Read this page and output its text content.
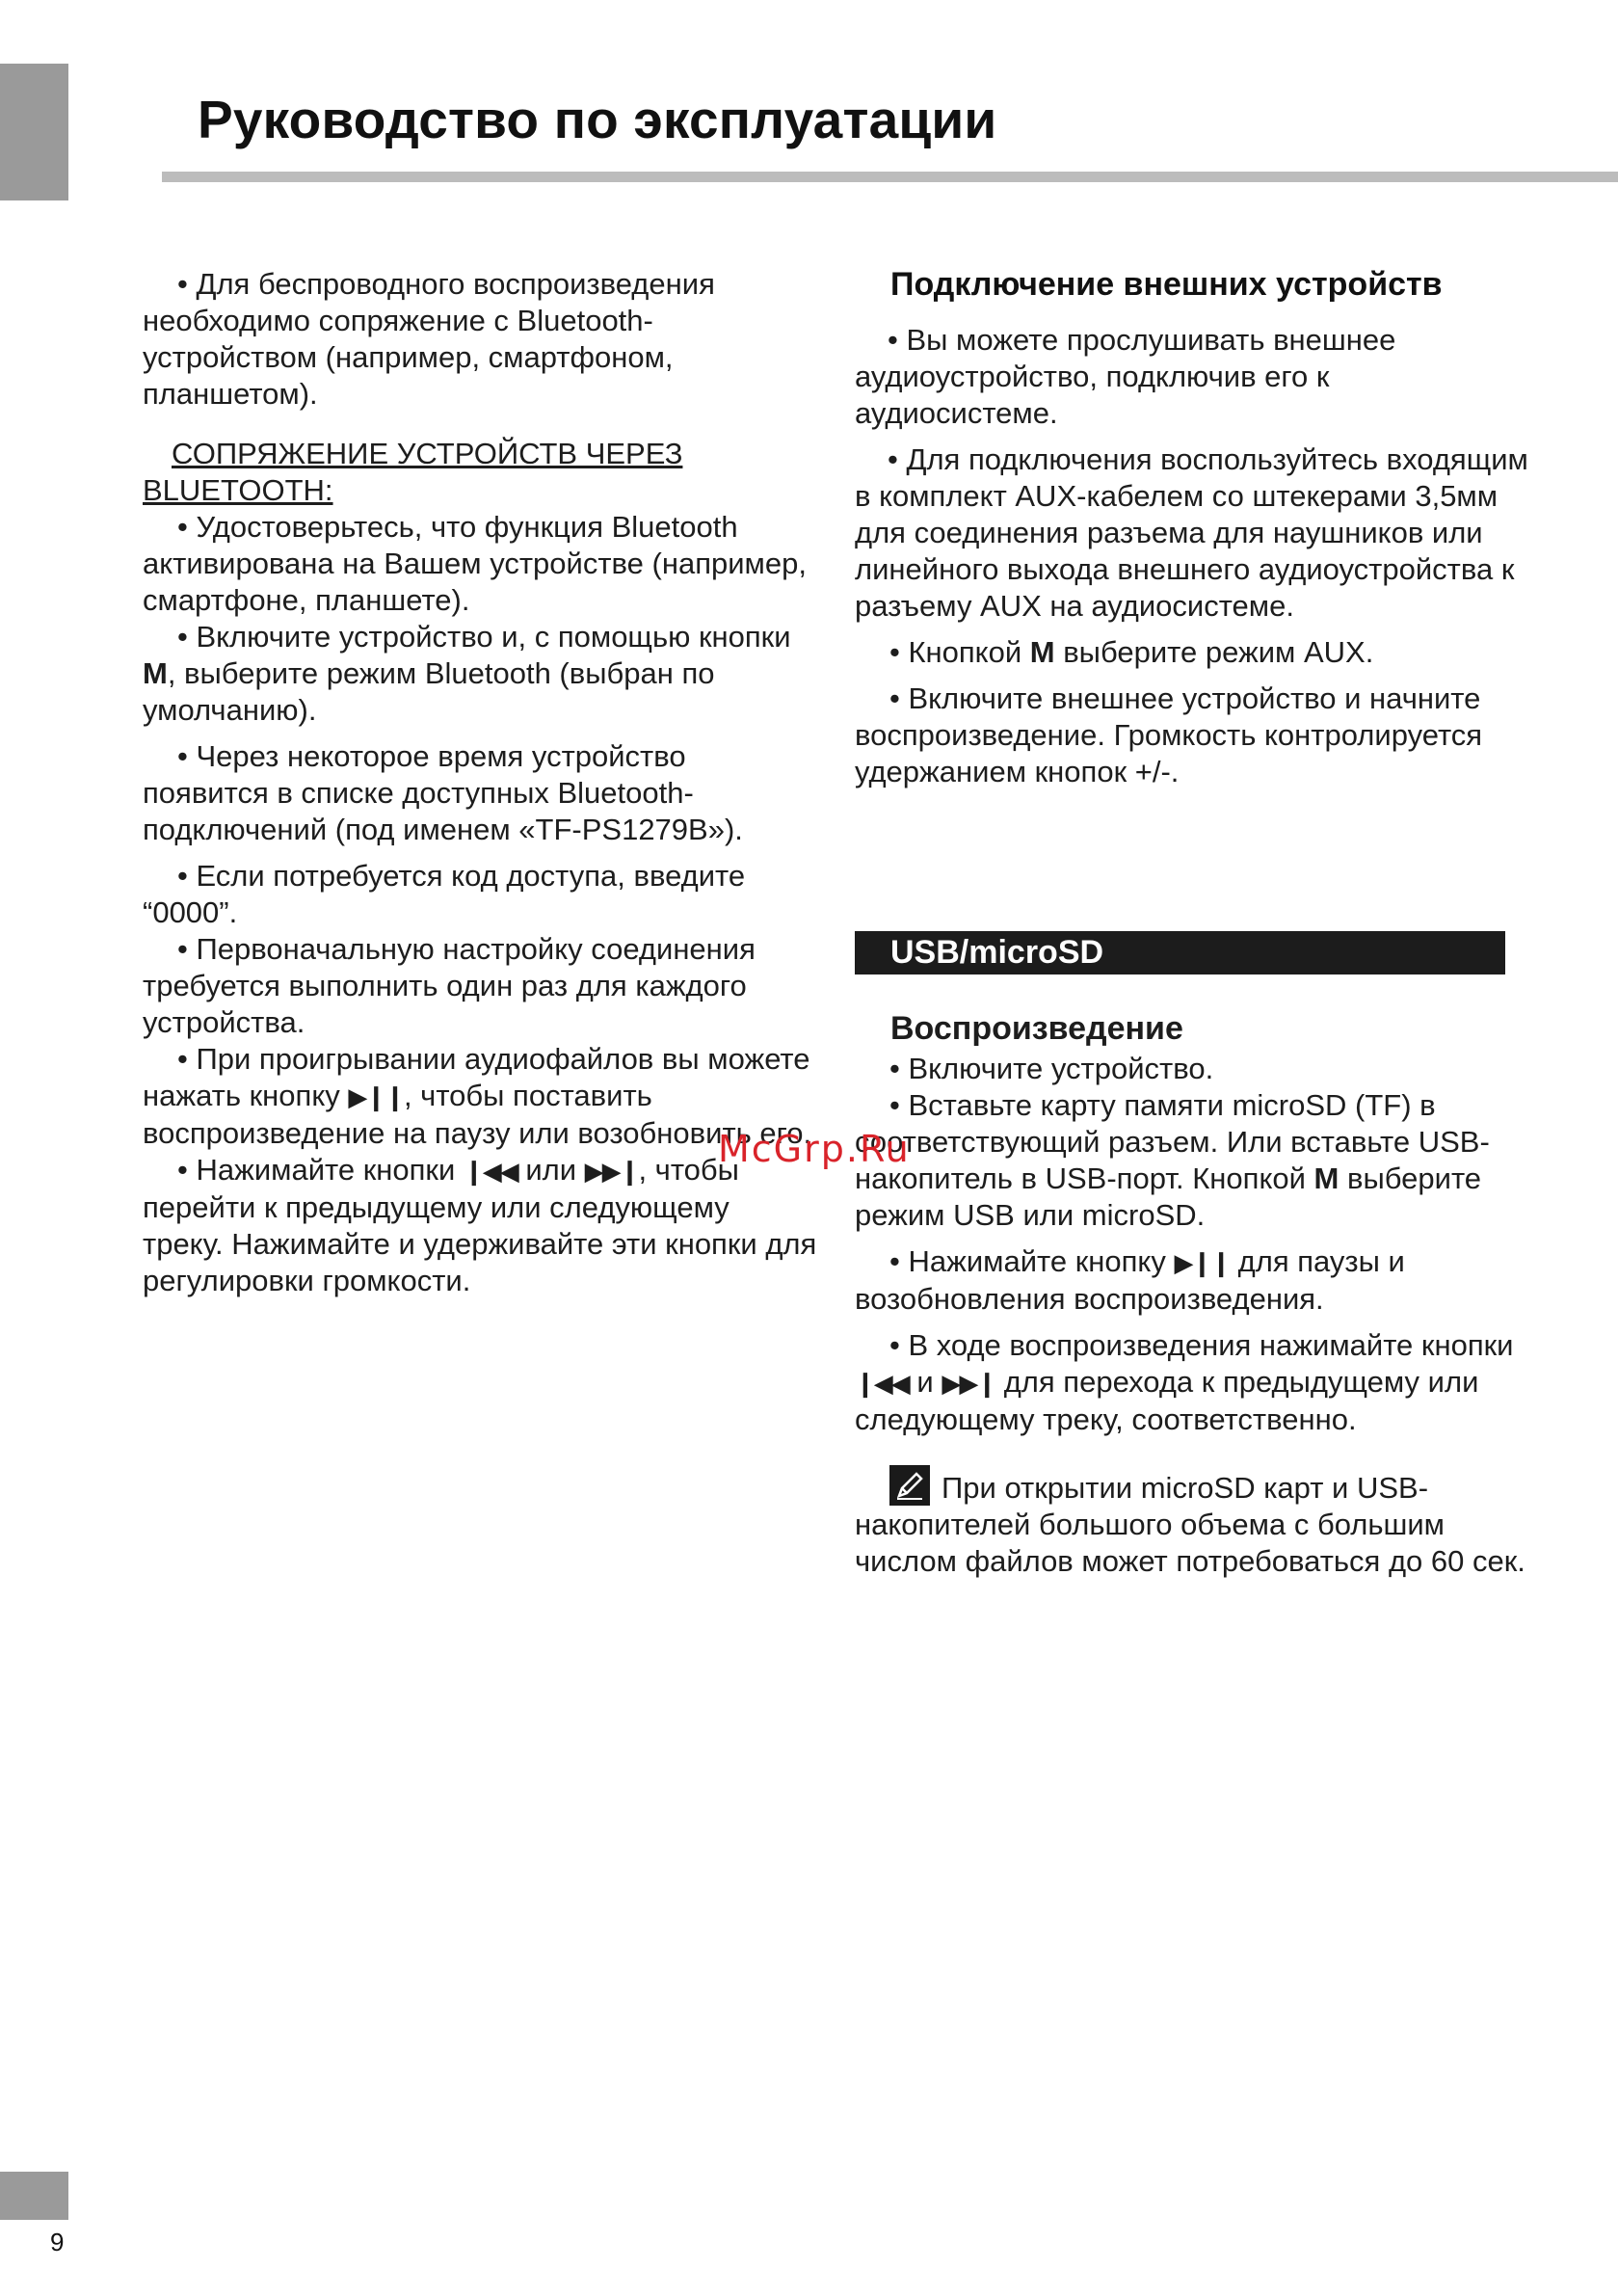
Руководство по эксплуатации

• Для беспроводного воспроизведения необходимо сопряжение с Bluetooth-устройством (например, смартфоном, планшетом).

СОПРЯЖЕНИЕ УСТРОЙСТВ ЧЕРЕЗ BLUETOOTH:

• Удостоверьтесь, что функция Bluetooth активирована на Вашем устройстве (например, смартфоне, планшете).

• Включите устройство и, с помощью кнопки M, выберите режим Bluetooth (выбран по умолчанию).

• Через некоторое время устройство появится в списке доступных Bluetooth-подключений (под именем «TF-PS1279B»).

• Если потребуется код доступа, введите “0000”.

• Первоначальную настройку соединения требуется выполнить один раз для каждого устройства.

• При проигрывании аудиофайлов вы можете нажать кнопку ▶❙❙, чтобы поставить воспроизведение на паузу или возобновить его.

• Нажимайте кнопки ❙◀◀ или ▶▶❙, чтобы перейти к предыдущему или следующему треку. Нажимайте и удерживайте эти кнопки для регулировки громкости.

Подключение внешних устройств

• Вы можете прослушивать внешнее аудиоустройство, подключив его к аудиосистеме.

• Для подключения воспользуйтесь входящим в комплект AUX-кабелем со штекерами 3,5мм для соединения разъема для наушников или линейного выхода внешнего аудиоустройства к разъему AUX на аудиосистеме.

• Кнопкой M выберите режим AUX.

• Включите внешнее устройство и начните воспроизведение. Громкость контролируется удержанием кнопок +/-.

USB/microSD
Воспроизведение

• Включите устройство.

• Вставьте карту памяти microSD (TF) в соответствующий разъем. Или вставьте USB-накопитель в USB-порт. Кнопкой M выберите режим USB или microSD.

• Нажимайте кнопку ▶❙❙ для паузы и возобновления воспроизведения.

• В ходе воспроизведения нажимайте кнопки ❙◀◀ и ▶▶❙ для перехода к предыдущему или следующему треку, соответственно.

При открытии microSD карт и USB-накопителей большого объема с большим числом файлов может потребоваться до 60 сек.

McGrp.Ru
9
